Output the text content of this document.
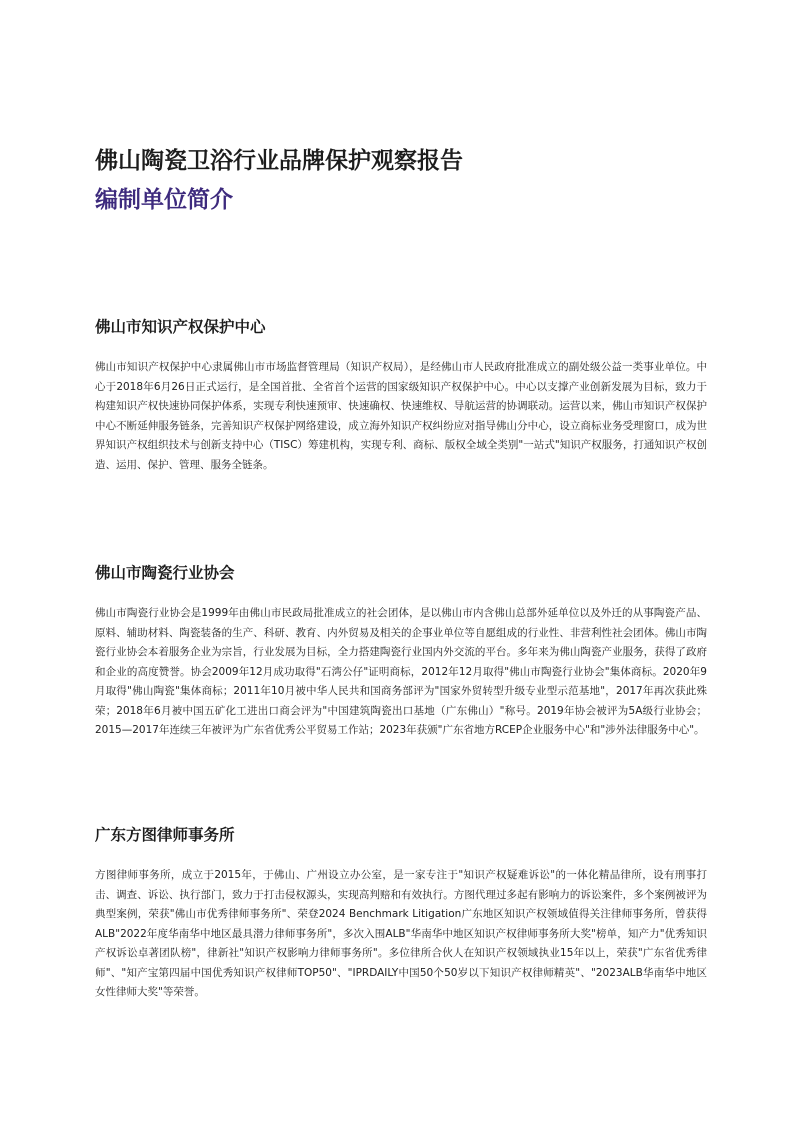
佛山陶瓷卫浴行业品牌保护观察报告
编制单位简介
佛山市知识产权保护中心

佛山市知识产权保护中心隶属佛山市市场监督管理局（知识产权局），是经佛山市人民政府批准成立的副处级公益一类事业单位。中心于2018年6月26日正式运行，是全国首批、全省首个运营的国家级知识产权保护中心。中心以支撑产业创新发展为目标，致力于构建知识产权快速协同保护体系，实现专利快速预审、快速确权、快速维权、导航运营的协调联动。运营以来，佛山市知识产权保护中心不断延伸服务链条，完善知识产权保护网络建设，成立海外知识产权纠纷应对指导佛山分中心，设立商标业务受理窗口，成为世界知识产权组织技术与创新支持中心（TISC）筹建机构，实现专利、商标、版权全域全类别"一站式"知识产权服务，打通知识产权创造、运用、保护、管理、服务全链条。

佛山市陶瓷行业协会

佛山市陶瓷行业协会是1999年由佛山市民政局批准成立的社会团体，是以佛山市内含佛山总部外延单位以及外迁的从事陶瓷产品、原料、辅助材料、陶瓷装备的生产、科研、教育、内外贸易及相关的企事业单位等自愿组成的行业性、非营利性社会团体。佛山市陶瓷行业协会本着服务企业为宗旨，行业发展为目标，全力搭建陶瓷行业国内外交流的平台。多年来为佛山陶瓷产业服务，获得了政府和企业的高度赞誉。协会2009年12月成功取得"石湾公仔"证明商标，2012年12月取得"佛山市陶瓷行业协会"集体商标。2020年9月取得"佛山陶瓷"集体商标；2011年10月被中华人民共和国商务部评为"国家外贸转型升级专业型示范基地"，2017年再次获此殊荣；2018年6月被中国五矿化工进出口商会评为"中国建筑陶瓷出口基地（广东佛山）"称号。2019年协会被评为5A级行业协会；2015—2017年连续三年被评为广东省优秀公平贸易工作站；2023年获颁"广东省地方RCEP企业服务中心"和"涉外法律服务中心"。

广东方图律师事务所

方图律师事务所，成立于2015年，于佛山、广州设立办公室，是一家专注于"知识产权疑难诉讼"的一体化精品律所，设有刑事打击、调查、诉讼、执行部门，致力于打击侵权源头，实现高判赔和有效执行。方图代理过多起有影响力的诉讼案件，多个案例被评为典型案例，荣获"佛山市优秀律师事务所"、荣登2024 Benchmark Litigation广东地区知识产权领域值得关注律师事务所，曾获得ALB"2022年度华南华中地区最具潜力律师事务所"，多次入围ALB"华南华中地区知识产权律师事务所大奖"榜单，知产力"优秀知识产权诉讼卓著团队榜"，律新社"知识产权影响力律师事务所"。多位律所合伙人在知识产权领域执业15年以上，荣获"广东省优秀律师"、"知产宝第四届中国优秀知识产权律师TOP50"、"IPRDAILY中国50个50岁以下知识产权律师精英"、"2023ALB华南华中地区女性律师大奖"等荣誉。
